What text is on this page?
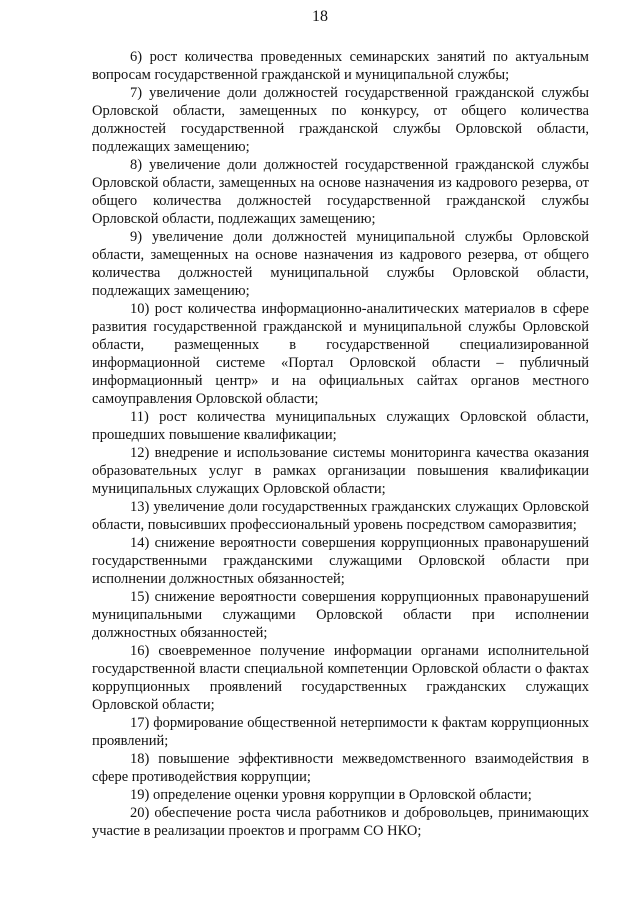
18

6) рост количества проведенных семинарских занятий по актуальным вопросам государственной гражданской и муниципальной службы;

7) увеличение доли должностей государственной гражданской службы Орловской области, замещенных по конкурсу, от общего количества должностей государственной гражданской службы Орловской области, подлежащих замещению;

8) увеличение доли должностей государственной гражданской службы Орловской области, замещенных на основе назначения из кадрового резерва, от общего количества должностей государственной гражданской службы Орловской области, подлежащих замещению;

9) увеличение доли должностей муниципальной службы Орловской области, замещенных на основе назначения из кадрового резерва, от общего количества должностей муниципальной службы Орловской области, подлежащих замещению;

10) рост количества информационно-аналитических материалов в сфере развития государственной гражданской и муниципальной службы Орловской области, размещенных в государственной специализированной информационной системе «Портал Орловской области – публичный информационный центр» и на официальных сайтах органов местного самоуправления Орловской области;

11) рост количества муниципальных служащих Орловской области, прошедших повышение квалификации;

12) внедрение и использование системы мониторинга качества оказания образовательных услуг в рамках организации повышения квалификации муниципальных служащих Орловской области;

13) увеличение доли государственных гражданских служащих Орловской области, повысивших профессиональный уровень посредством саморазвития;

14) снижение вероятности совершения коррупционных правонарушений государственными гражданскими служащими Орловской области при исполнении должностных обязанностей;

15) снижение вероятности совершения коррупционных правонарушений муниципальными служащими Орловской области при исполнении должностных обязанностей;

16) своевременное получение информации органами исполнительной государственной власти специальной компетенции Орловской области о фактах коррупционных проявлений государственных гражданских служащих Орловской области;

17) формирование общественной нетерпимости к фактам коррупционных проявлений;

18) повышение эффективности межведомственного взаимодействия в сфере противодействия коррупции;

19) определение оценки уровня коррупции в Орловской области;

20) обеспечение роста числа работников и добровольцев, принимающих участие в реализации проектов и программ СО НКО;
